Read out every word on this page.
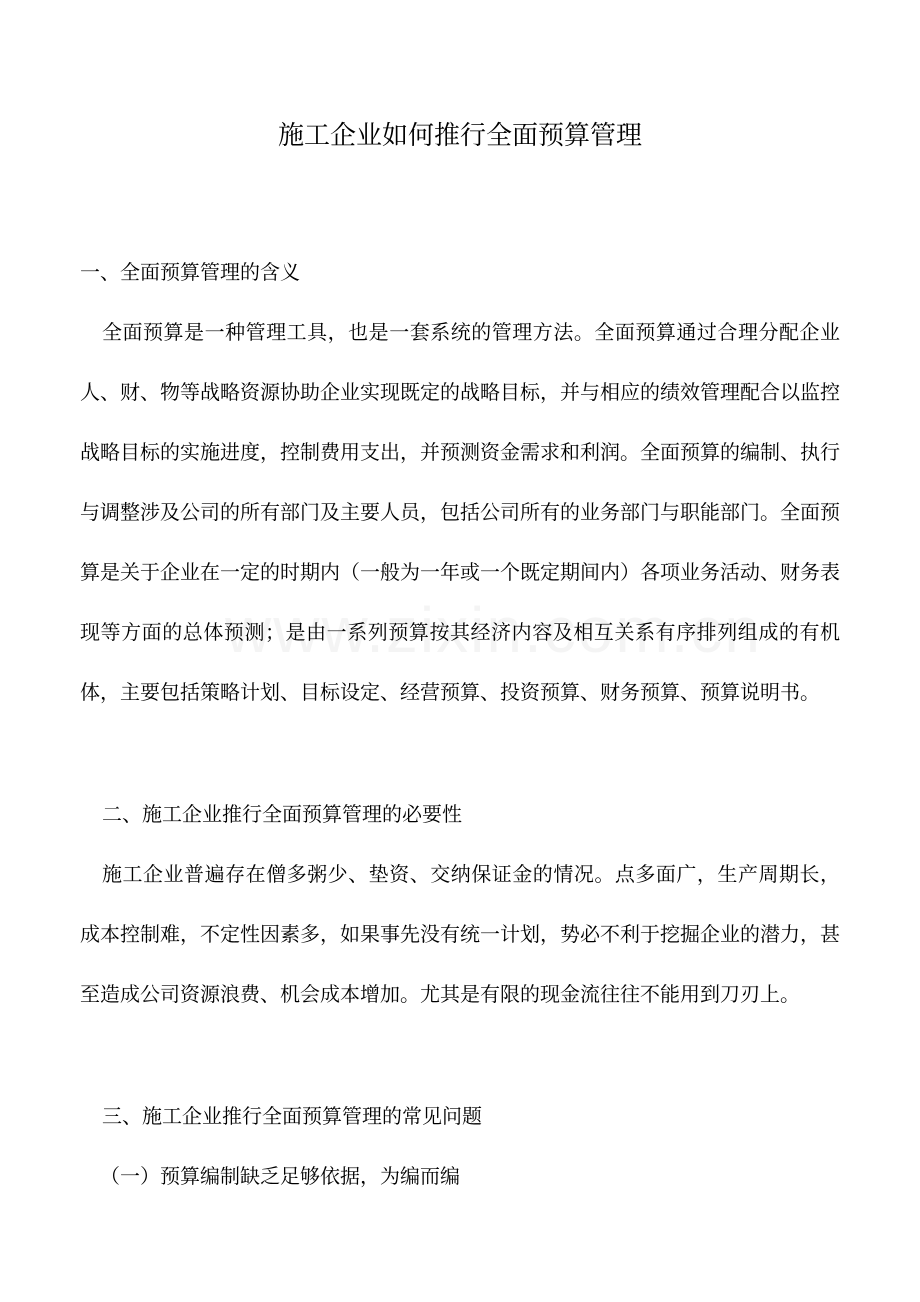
施工企业如何推行全面预算管理

一、全面预算管理的含义

全面预算是一种管理工具，也是一套系统的管理方法。全面预算通过合理分配企业人、财、物等战略资源协助企业实现既定的战略目标，并与相应的绩效管理配合以监控战略目标的实施进度，控制费用支出，并预测资金需求和利润。全面预算的编制、执行与调整涉及公司的所有部门及主要人员，包括公司所有的业务部门与职能部门。全面预算是关于企业在一定的时期内（一般为一年或一个既定期间内）各项业务活动、财务表现等方面的总体预测；是由一系列预算按其经济内容及相互关系有序排列组成的有机体，主要包括策略计划、目标设定、经营预算、投资预算、财务预算、预算说明书。

二、施工企业推行全面预算管理的必要性

施工企业普遍存在僧多粥少、垫资、交纳保证金的情况。点多面广，生产周期长，成本控制难，不定性因素多，如果事先没有统一计划，势必不利于挖掘企业的潜力，甚至造成公司资源浪费、机会成本增加。尤其是有限的现金流往往不能用到刀刃上。

三、施工企业推行全面预算管理的常见问题

（一）预算编制缺乏足够依据，为编而编
